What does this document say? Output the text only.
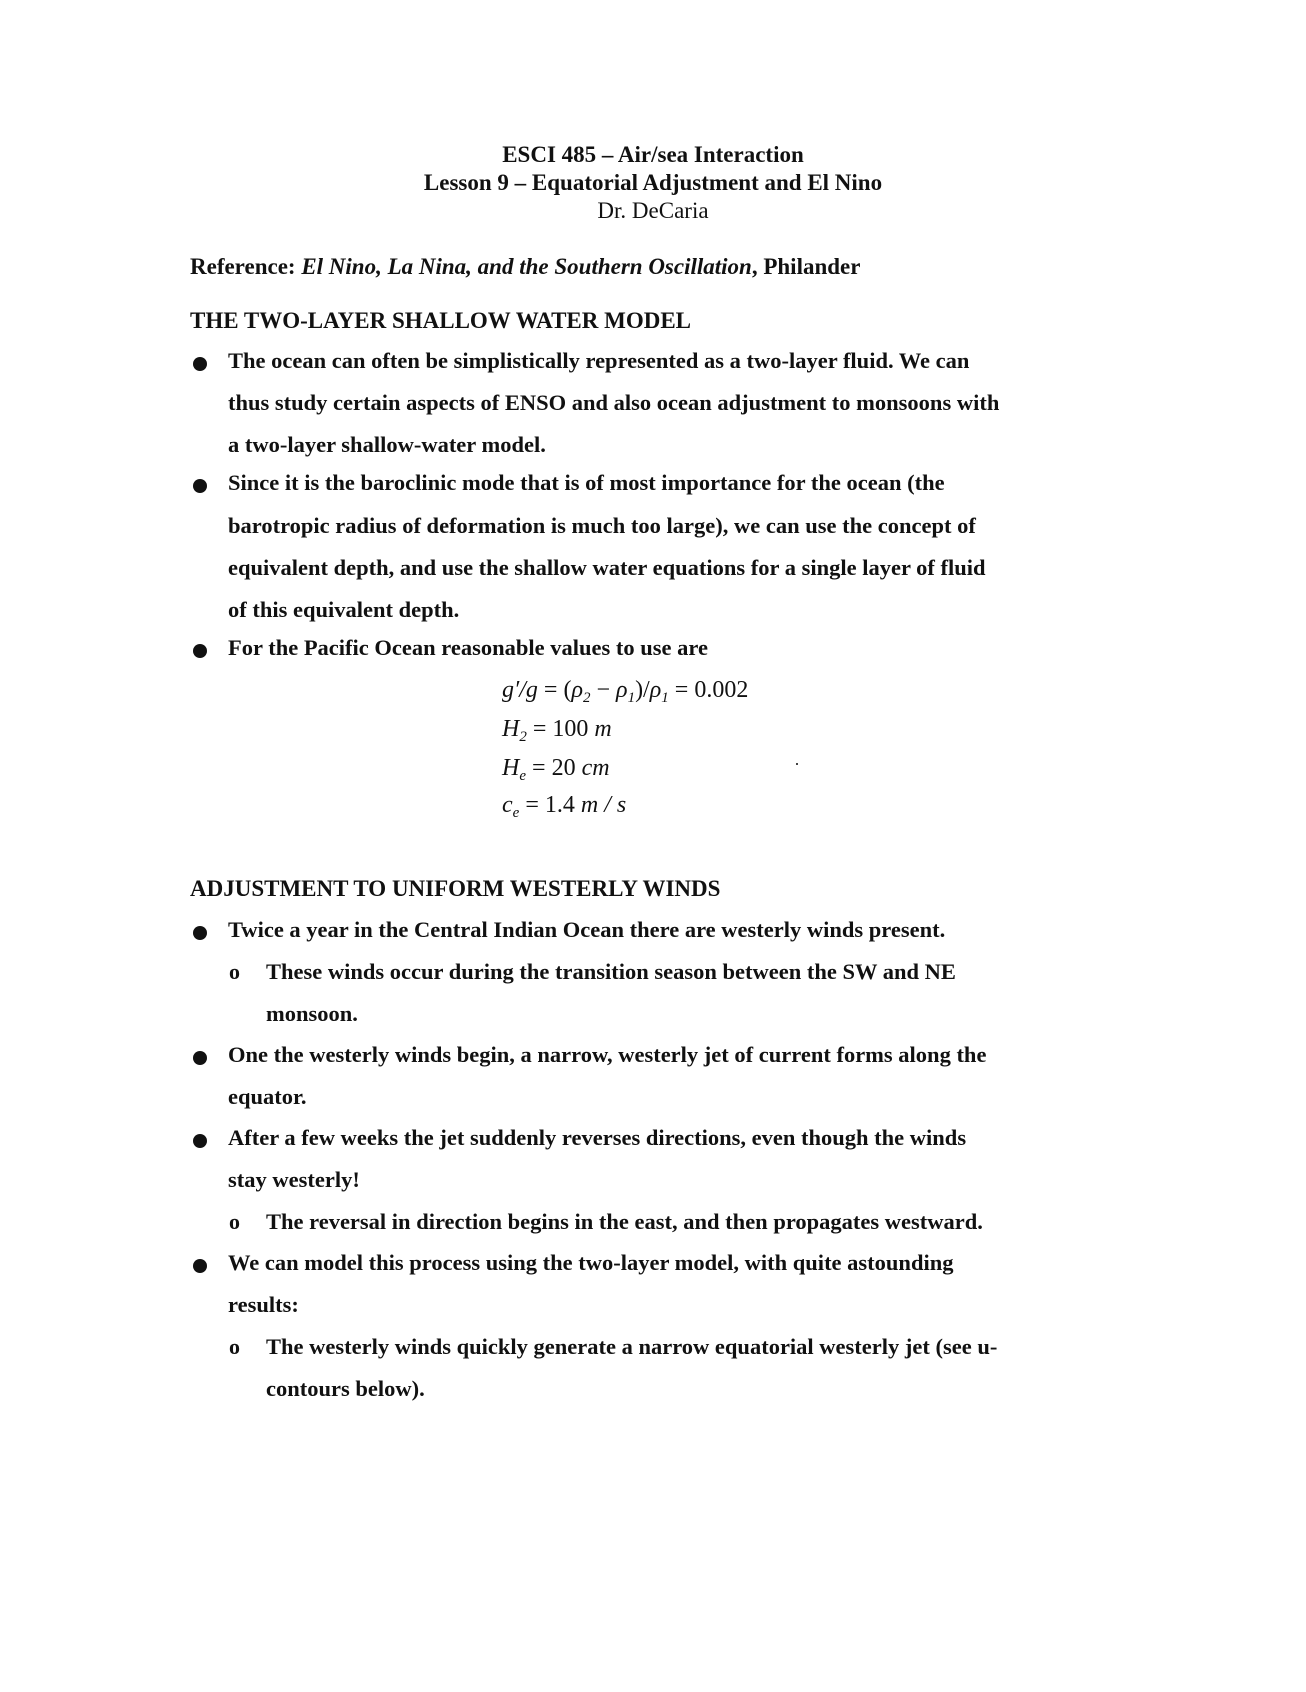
ESCI 485 – Air/sea Interaction
Lesson 9 – Equatorial Adjustment and El Nino
Dr. DeCaria
Reference: El Nino, La Nina, and the Southern Oscillation, Philander
THE TWO-LAYER SHALLOW WATER MODEL
The ocean can often be simplistically represented as a two-layer fluid. We can
thus study certain aspects of ENSO and also ocean adjustment to monsoons with
a two-layer shallow-water model.
Since it is the baroclinic mode that is of most importance for the ocean (the
barotropic radius of deformation is much too large), we can use the concept of
equivalent depth, and use the shallow water equations for a single layer of fluid
of this equivalent depth.
For the Pacific Ocean reasonable values to use are
$g'/g = (\rho_2 - \rho_1)/\rho_1 = 0.002$
$H_2 = 100$ m
$H_e = 20$ cm
$c_e = 1.4$ m / s
ADJUSTMENT TO UNIFORM WESTERLY WINDS
Twice a year in the Central Indian Ocean there are westerly winds present.
o These winds occur during the transition season between the SW and NE
monsoon.
One the westerly winds begin, a narrow, westerly jet of current forms along the
equator.
After a few weeks the jet suddenly reverses directions, even though the winds
stay westerly!
o The reversal in direction begins in the east, and then propagates westward.
We can model this process using the two-layer model, with quite astounding
results:
o The westerly winds quickly generate a narrow equatorial westerly jet (see u-
contours below).
